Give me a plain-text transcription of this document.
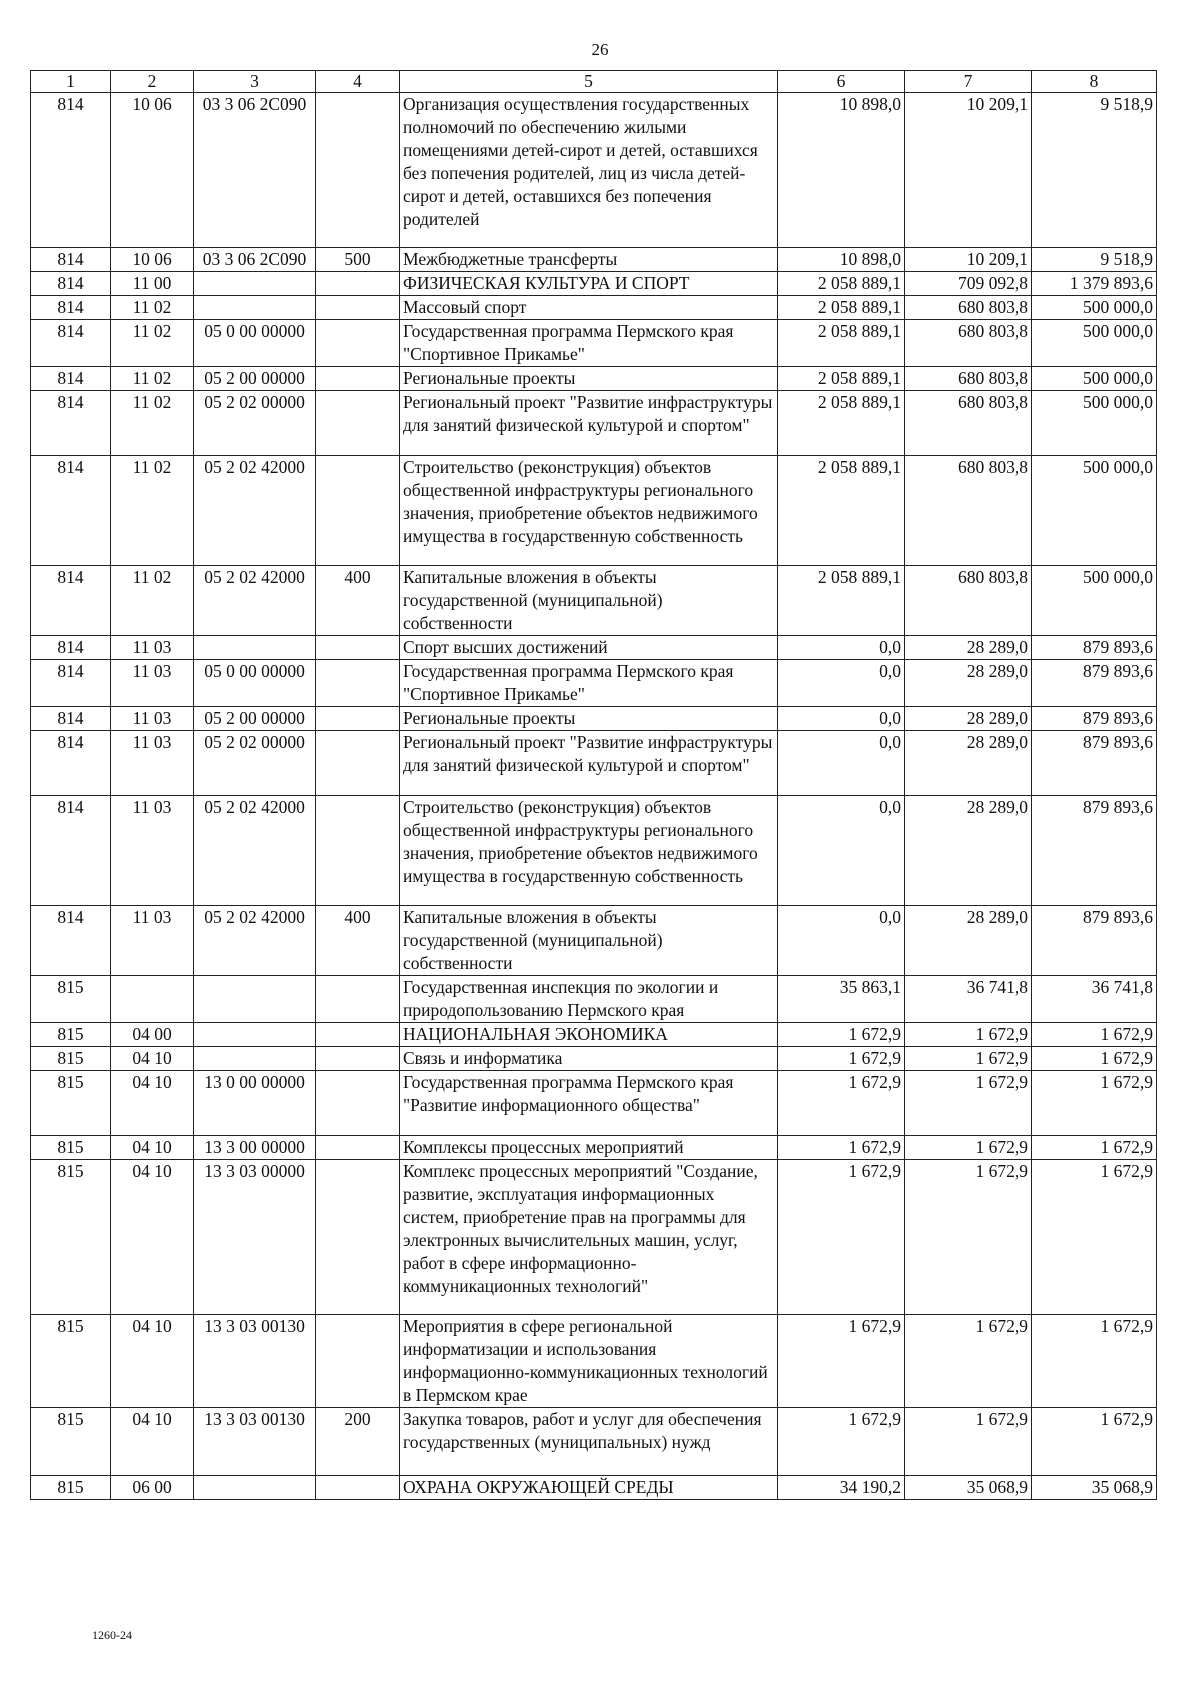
26
1	2	3	4	5	6	7	8
814	10 06	03 3 06 2С090		Организация осуществления государственных полномочий по обеспечению жилыми помещениями детей-сирот и детей, оставшихся без попечения родителей, лиц из числа детей-сирот и детей, оставшихся без попечения родителей	10 898,0	10 209,1	9 518,9
814	10 06	03 3 06 2С090	500	Межбюджетные трансферты	10 898,0	10 209,1	9 518,9
814	11 00			ФИЗИЧЕСКАЯ КУЛЬТУРА И СПОРТ	2 058 889,1	709 092,8	1 379 893,6
814	11 02			Массовый спорт	2 058 889,1	680 803,8	500 000,0
814	11 02	05 0 00 00000		Государственная программа Пермского края "Спортивное Прикамье"	2 058 889,1	680 803,8	500 000,0
814	11 02	05 2 00 00000		Региональные проекты	2 058 889,1	680 803,8	500 000,0
814	11 02	05 2 02 00000		Региональный проект "Развитие инфраструктуры для занятий физической культурой и спортом"	2 058 889,1	680 803,8	500 000,0
814	11 02	05 2 02 42000		Строительство (реконструкция) объектов общественной инфраструктуры регионального значения, приобретение объектов недвижимого имущества в государственную собственность	2 058 889,1	680 803,8	500 000,0
814	11 02	05 2 02 42000	400	Капитальные вложения в объекты государственной (муниципальной) собственности	2 058 889,1	680 803,8	500 000,0
814	11 03			Спорт высших достижений	0,0	28 289,0	879 893,6
814	11 03	05 0 00 00000		Государственная программа Пермского края "Спортивное Прикамье"	0,0	28 289,0	879 893,6
814	11 03	05 2 00 00000		Региональные проекты	0,0	28 289,0	879 893,6
814	11 03	05 2 02 00000		Региональный проект "Развитие инфраструктуры для занятий физической культурой и спортом"	0,0	28 289,0	879 893,6
814	11 03	05 2 02 42000		Строительство (реконструкция) объектов общественной инфраструктуры регионального значения, приобретение объектов недвижимого имущества в государственную собственность	0,0	28 289,0	879 893,6
814	11 03	05 2 02 42000	400	Капитальные вложения в объекты государственной (муниципальной) собственности	0,0	28 289,0	879 893,6
815				Государственная инспекция по экологии и природопользованию Пермского края	35 863,1	36 741,8	36 741,8
815	04 00			НАЦИОНАЛЬНАЯ ЭКОНОМИКА	1 672,9	1 672,9	1 672,9
815	04 10			Связь и информатика	1 672,9	1 672,9	1 672,9
815	04 10	13 0 00 00000		Государственная программа Пермского края "Развитие информационного общества"	1 672,9	1 672,9	1 672,9
815	04 10	13 3 00 00000		Комплексы процессных мероприятий	1 672,9	1 672,9	1 672,9
815	04 10	13 3 03 00000		Комплекс процессных мероприятий "Создание, развитие, эксплуатация информационных систем, приобретение прав на программы для электронных вычислительных машин, услуг, работ в сфере информационно-коммуникационных технологий"	1 672,9	1 672,9	1 672,9
815	04 10	13 3 03 00130		Мероприятия в сфере региональной информатизации и использования информационно-коммуникационных технологий в Пермском крае	1 672,9	1 672,9	1 672,9
815	04 10	13 3 03 00130	200	Закупка товаров, работ и услуг для обеспечения государственных (муниципальных) нужд	1 672,9	1 672,9	1 672,9
815	06 00			ОХРАНА ОКРУЖАЮЩЕЙ СРЕДЫ	34 190,2	35 068,9	35 068,9
1260-24
